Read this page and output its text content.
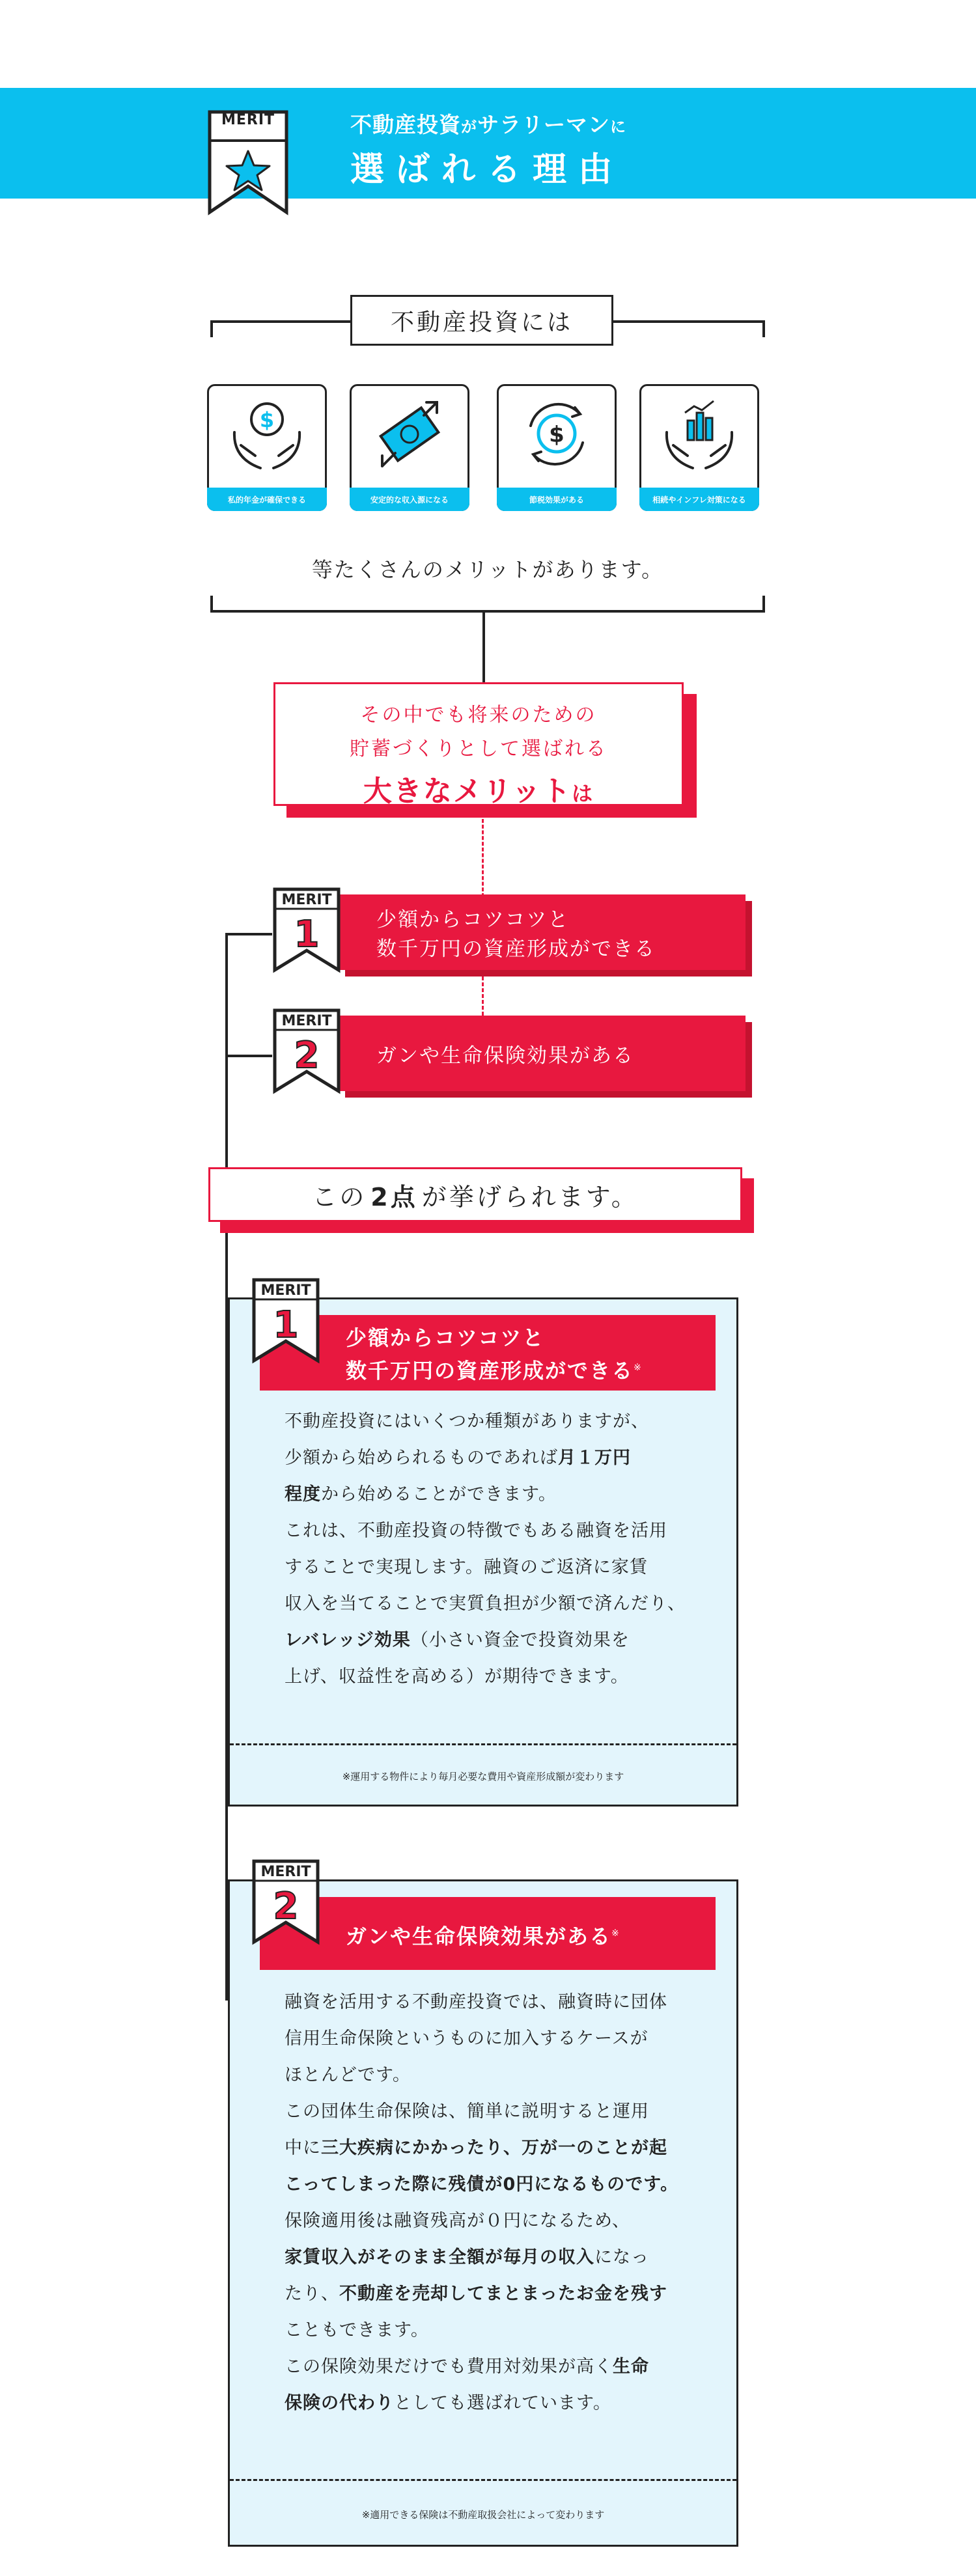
MERIT	不動産投資がサラリーマンに
選ばれる理由
不動産投資には
$
私的年金が確保できる	安定的な収入源になる
$
節税効果がある	相続やインフレ対策になる
等たくさんのメリットがあります。
その中でも将来のための
貯蓄づくりとして選ばれる
大きなメリットは
少額からコツコツと
数千万円の資産形成ができる
MERIT
1
ガンや生命保険効果がある
MERIT
2
この 2点 が挙げられます。
少額からコツコツと
数千万円の資産形成ができる※
不動産投資にはいくつか種類がありますが、
少額から始められるものであれば月１万円
程度から始めることができます。
これは、不動産投資の特徴でもある融資を活用
することで実現します。融資のご返済に家賃
収入を当てることで実質負担が少額で済んだり、
レバレッジ効果（小さい資金で投資効果を
上げ、収益性を高める）が期待できます。
※運用する物件により毎月必要な費用や資産形成額が変わります
MERIT
1
ガンや生命保険効果がある※
融資を活用する不動産投資では、融資時に団体
信用生命保険というものに加入するケースが
ほとんどです。
この団体生命保険は、簡単に説明すると運用
中に三大疾病にかかったり、万が一のことが起
こってしまった際に残債が0円になるものです。
保険適用後は融資残高が０円になるため、
家賃収入がそのまま全額が毎月の収入になっ
たり、不動産を売却してまとまったお金を残す
こともできます。
この保険効果だけでも費用対効果が高く生命
保険の代わりとしても選ばれています。
※適用できる保険は不動産取扱会社によって変わります
MERIT
2
